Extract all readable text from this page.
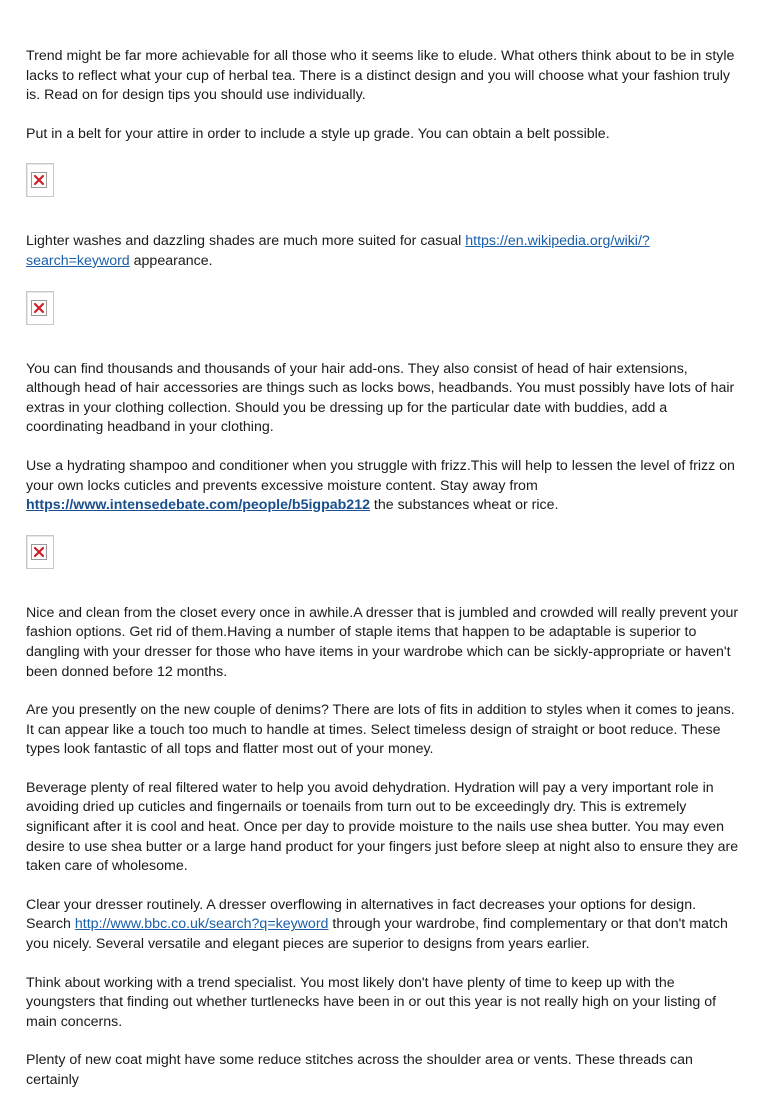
Trend might be far more achievable for all those who it seems like to elude. What others think about to be in style lacks to reflect what your cup of herbal tea. There is a distinct design and you will choose what your fashion truly is. Read on for design tips you should use individually.

Put in a belt for your attire in order to include a style up grade. You can obtain a belt possible.

Lighter washes and dazzling shades are much more suited for casual https://en.wikipedia.org/wiki/?search=keyword appearance.

You can find thousands and thousands of your hair add-ons. They also consist of head of hair extensions, although head of hair accessories are things such as locks bows, headbands. You must possibly have lots of hair extras in your clothing collection. Should you be dressing up for the particular date with buddies, add a coordinating headband in your clothing.

Use a hydrating shampoo and conditioner when you struggle with frizz.This will help to lessen the level of frizz on your own locks cuticles and prevents excessive moisture content. Stay away from https://www.intensedebate.com/people/b5igpab212 the substances wheat or rice.

Nice and clean from the closet every once in awhile.A dresser that is jumbled and crowded will really prevent your fashion options. Get rid of them.Having a number of staple items that happen to be adaptable is superior to dangling with your dresser for those who have items in your wardrobe which can be sickly-appropriate or haven't been donned before 12 months.

Are you presently on the new couple of denims? There are lots of fits in addition to styles when it comes to jeans. It can appear like a touch too much to handle at times. Select timeless design of straight or boot reduce. These types look fantastic of all tops and flatter most out of your money.

Beverage plenty of real filtered water to help you avoid dehydration. Hydration will pay a very important role in avoiding dried up cuticles and fingernails or toenails from turn out to be exceedingly dry. This is extremely significant after it is cool and heat. Once per day to provide moisture to the nails use shea butter. You may even desire to use shea butter or a large hand product for your fingers just before sleep at night also to ensure they are taken care of wholesome.

Clear your dresser routinely. A dresser overflowing in alternatives in fact decreases your options for design. Search http://www.bbc.co.uk/search?q=keyword through your wardrobe, find complementary or that don't match you nicely. Several versatile and elegant pieces are superior to designs from years earlier.

Think about working with a trend specialist. You most likely don't have plenty of time to keep up with the youngsters that finding out whether turtlenecks have been in or out this year is not really high on your listing of main concerns.

Plenty of new coat might have some reduce stitches across the shoulder area or vents. These threads can certainly
